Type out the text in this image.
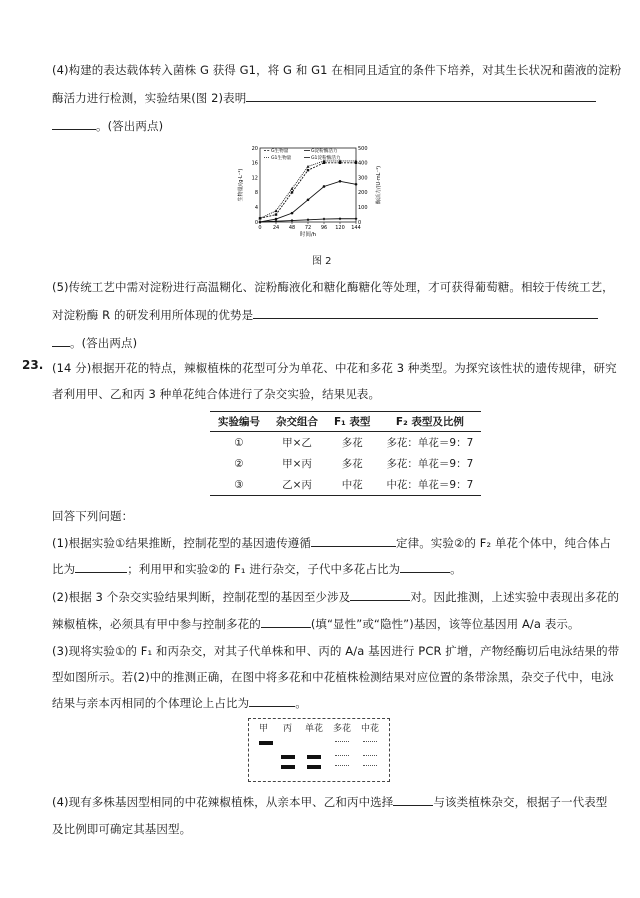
(4)构建的表达载体转入菌株 G 获得 G1，将 G 和 G1 在相同且适宜的条件下培养，对其生长状况和菌液的淀粉
酶活力进行检测，实验结果(图 2)表明
。(答出两点)
0 24 48 72 96 120 144
0
4
8
12
16
20
0
100
200
300
400
500
时间/h
生物量/(g·L⁻¹)	酶活力/(U·mL⁻¹)
G生物量	G淀粉酶活力
G1生物量	G1淀粉酶活力
图 2
(5)传统工艺中需对淀粉进行高温糊化、淀粉酶液化和糖化酶糖化等处理，才可获得葡萄糖。相较于传统工艺，
对淀粉酶 R 的研发利用所体现的优势是
。(答出两点)
23. (14 分)根据开花的特点，辣椒植株的花型可分为单花、中花和多花 3 种类型。为探究该性状的遗传规律，研究
者利用甲、乙和丙 3 种单花纯合体进行了杂交实验，结果见表。
实验编号	杂交组合	F₁ 表型	F₂ 表型及比例
①	甲×乙	多花	多花：单花＝9：7
②	甲×丙	多花	多花：单花＝9：7
③	乙×丙	中花	中花：单花＝9：7
回答下列问题：
(1)根据实验①结果推断，控制花型的基因遗传遵循	定律。实验②的 F₂ 单花个体中，纯合体占
比为	；利用甲和实验②的 F₁ 进行杂交，子代中多花占比为	。
(2)根据 3 个杂交实验结果判断，控制花型的基因至少涉及	对。因此推测，上述实验中表现出多花的
辣椒植株，必须具有甲中参与控制多花的	(填“显性”或“隐性”)基因，该等位基因用 A/a 表示。
(3)现将实验①的 F₁ 和丙杂交，对其子代单株和甲、丙的 A/a 基因进行 PCR 扩增，产物经酶切后电泳结果的带
型如图所示。若(2)中的推测正确，在图中将多花和中花植株检测结果对应位置的条带涂黑，杂交子代中，电泳
结果与亲本丙相同的个体理论上占比为	。
甲 丙 单花 多花 中花
(4)现有多株基因型相同的中花辣椒植株，从亲本甲、乙和丙中选择	与该类植株杂交，根据子一代表型
及比例即可确定其基因型。
